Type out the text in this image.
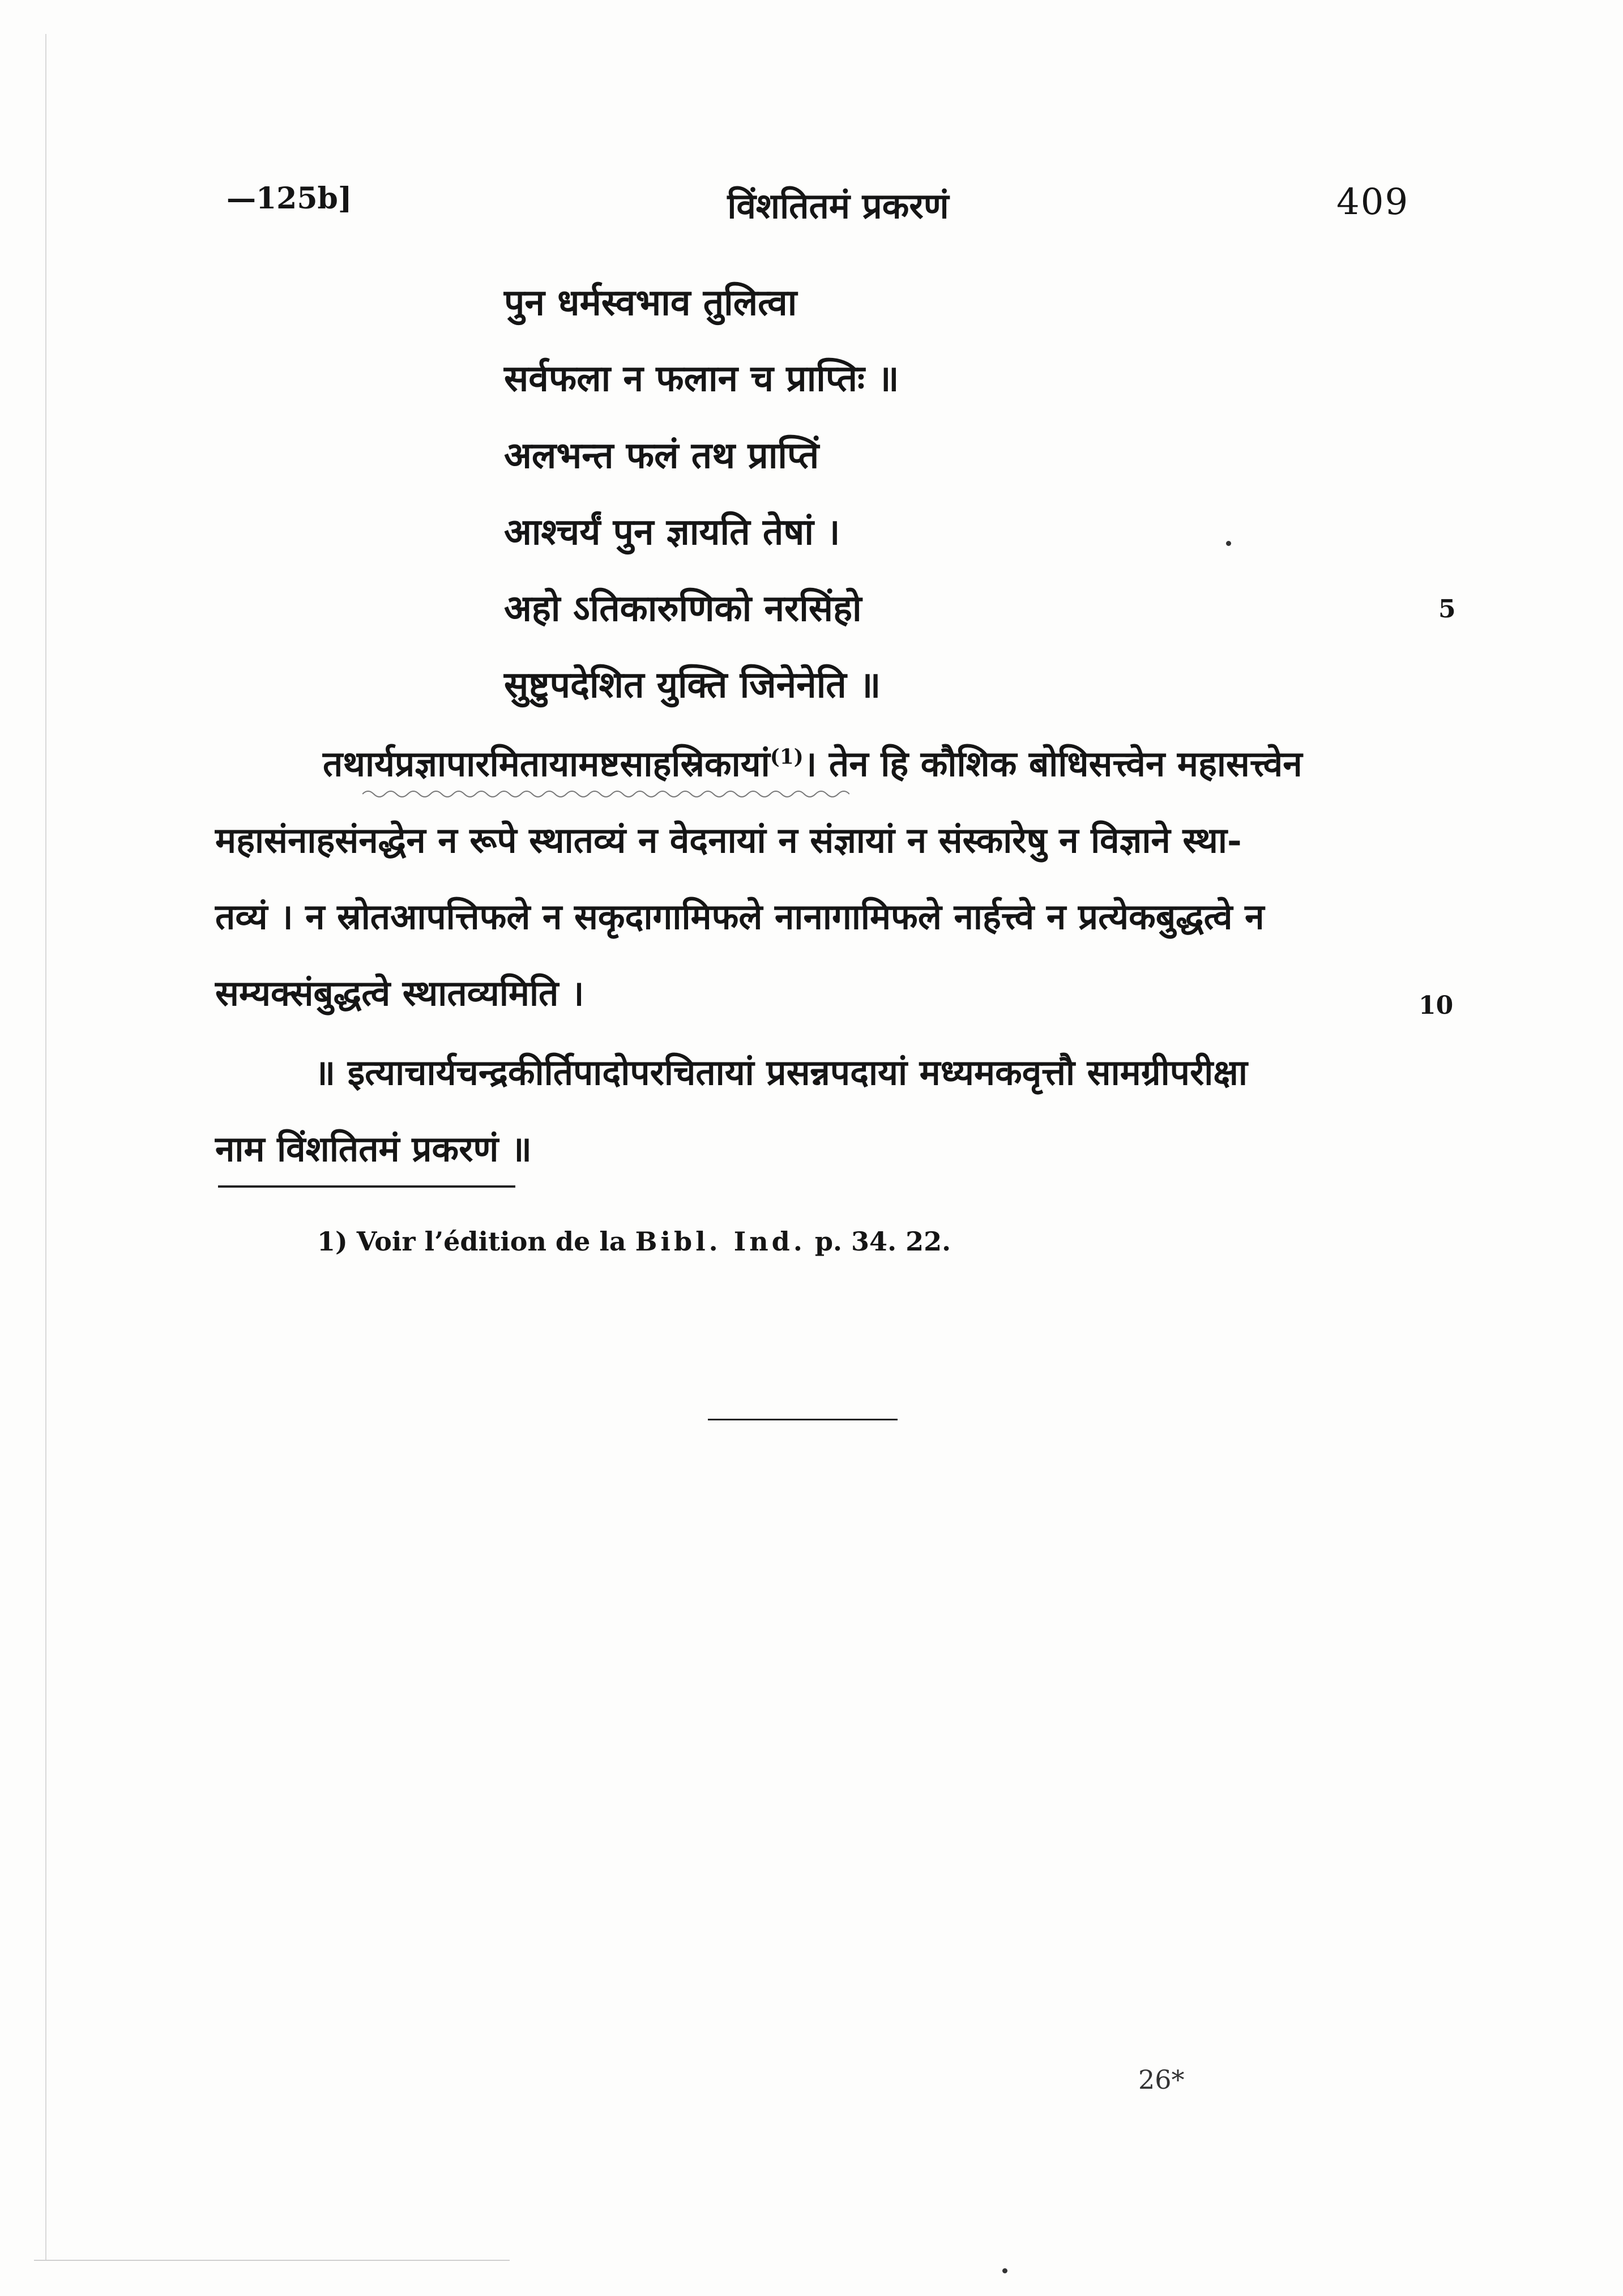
—125b]	विंशतितमं प्रकरणं	409
पुन धर्मस्वभाव तुलित्वा
सर्वफला न फलान च प्राप्तिः ॥
अलभन्त फलं तथ प्राप्तिं
आश्चर्यं पुन ज्ञायति तेषां ।
अहो ऽतिकारुणिको नरसिंहो
सुष्टुपदेशित युक्ति जिनेनेति ॥
5
तथार्यप्रज्ञापारमितायामष्टसाहस्रिकायां$^{(1)}$। तेन हि कौशिक बोधिसत्त्वेन महासत्त्वेन
महासंनाहसंनद्धेन न रूपे स्थातव्यं न वेदनायां न संज्ञायां न संस्कारेषु न विज्ञाने स्था-
तव्यं । न स्रोतआपत्तिफले न सकृदागामिफले नानागामिफले नार्हत्त्वे न प्रत्येकबुद्धत्वे न
सम्यक्संबुद्धत्वे स्थातव्यमिति ।	10
॥ इत्याचार्यचन्द्रकीर्तिपादोपरचितायां प्रसन्नपदायां मध्यमकवृत्तौ सामग्रीपरीक्षा
नाम विंशतितमं प्रकरणं ॥
1) Voir l’édition de la Bibl. Ind. p. 34. 22.
26*
